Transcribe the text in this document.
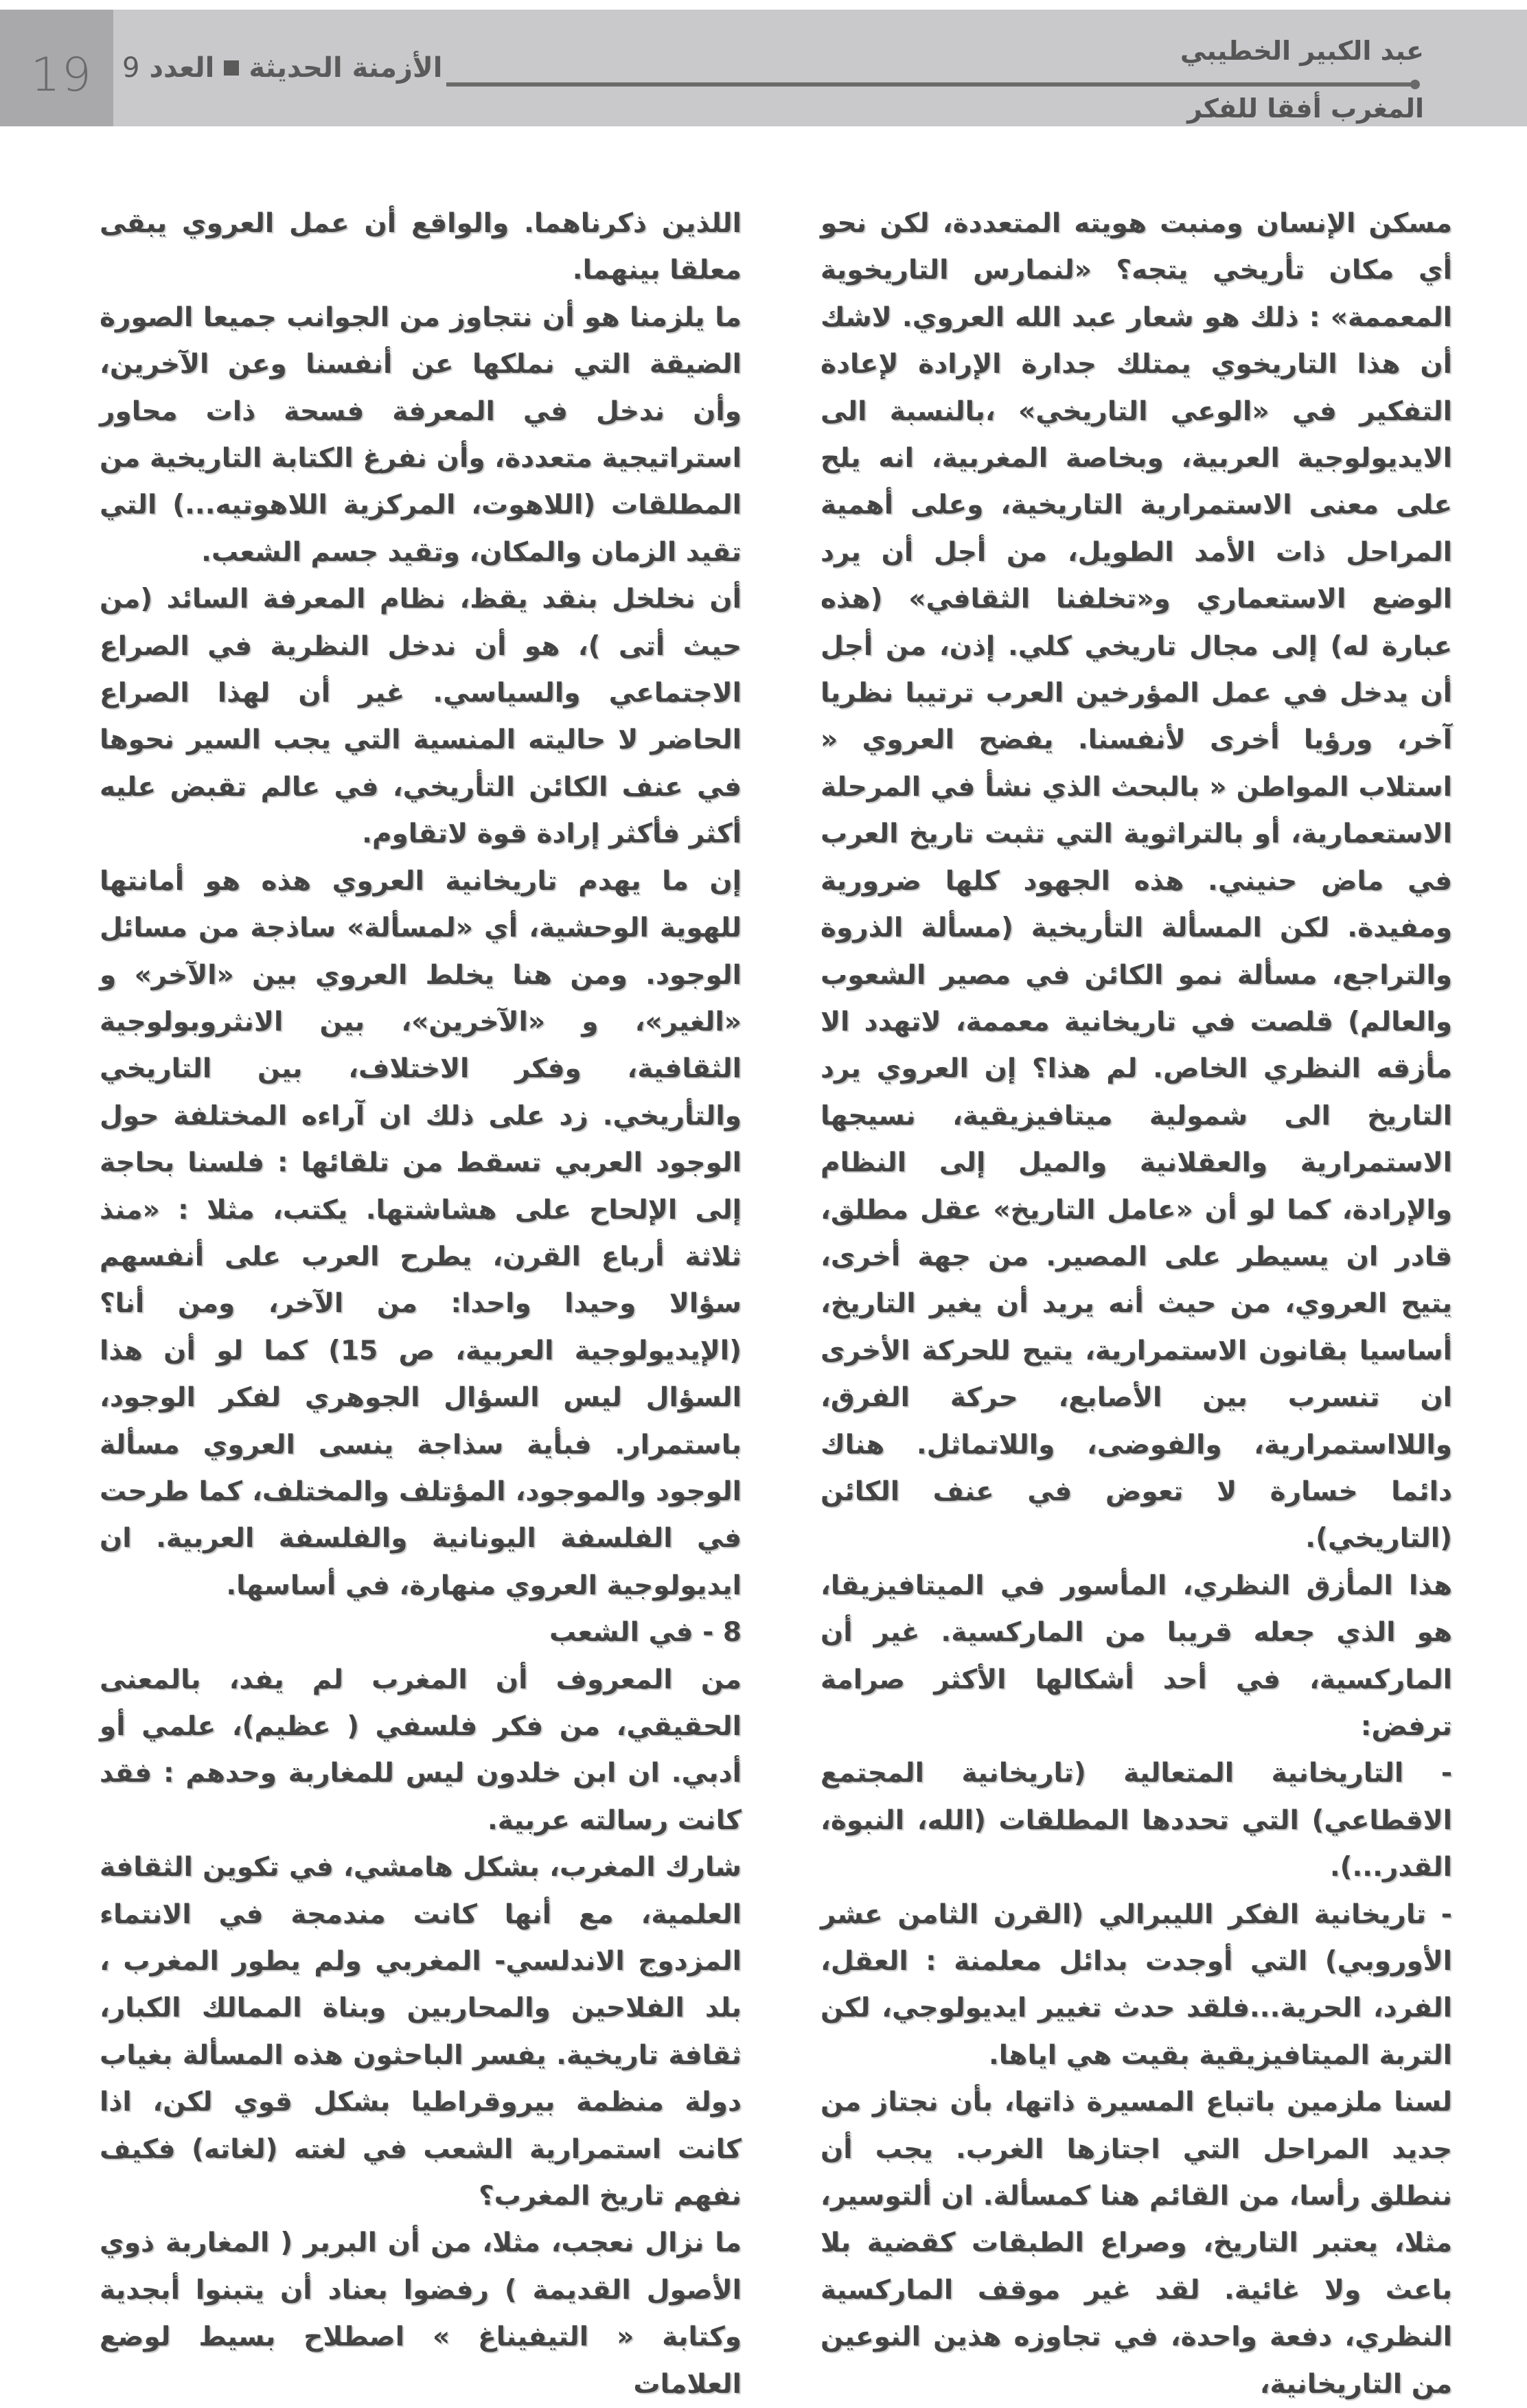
19	الأزمنة الحديثة
العدد
9
عبد الكبير الخطيبي
المغرب أفقا للفكر

مسكن الإنسان ومنبت هويته المتعددة، لكن نحو أي مكان تأريخي يتجه؟ «لنمارس التاريخوية المعممة» : ذلك هو شعار عبد الله العروي. لاشك أن هذا التاريخوي يمتلك جدارة الإرادة لإعادة التفكير في «الوعي التاريخي» ،بالنسبة الى الايديولوجية العربية، وبخاصة المغربية، انه يلح على معنى الاستمرارية التاريخية، وعلى أهمية المراحل ذات الأمد الطويل، من أجل أن يرد الوضع الاستعماري و«تخلفنا الثقافي» (هذه عبارة له) إلى مجال تاريخي كلي. إذن، من أجل أن يدخل في عمل المؤرخين العرب ترتيبا نظريا آخر، ورؤيا أخرى لأنفسنا. يفضح العروي « استلاب المواطن « بالبحث الذي نشأ في المرحلة الاستعمارية، أو بالتراثوية التي تثبت تاريخ العرب في ماض حنيني. هذه الجهود كلها ضرورية ومفيدة. لكن المسألة التأريخية (مسألة الذروة والتراجع، مسألة نمو الكائن في مصير الشعوب والعالم) قلصت في تاريخانية معممة، لاتهدد الا مأزقه النظري الخاص. لم هذا؟ إن العروي يرد التاريخ الى شمولية ميتافيزيقية، نسيجها الاستمرارية والعقلانية والميل إلى النظام والإرادة، كما لو أن «عامل التاريخ» عقل مطلق، قادر ان يسيطر على المصير. من جهة أخرى، يتيح العروي، من حيث أنه يريد أن يغير التاريخ، أساسيا بقانون الاستمرارية، يتيح للحركة الأخرى ان تنسرب بين الأصابع، حركة الفرق، واللااستمرارية، والفوضى، واللاتماثل. هناك دائما خسارة لا تعوض في عنف الكائن (التاريخي).

هذا المأزق النظري، المأسور في الميتافيزيقا، هو الذي جعله قريبا من الماركسية. غير أن الماركسية، في أحد أشكالها الأكثر صرامة ترفض:

- التاريخانية المتعالية (تاريخانية المجتمع الاقطاعي) التي تحددها المطلقات (الله، النبوة، القدر...).

- تاريخانية الفكر الليبرالي (القرن الثامن عشر الأوروبي) التي أوجدت بدائل معلمنة : العقل، الفرد، الحرية...فلقد حدث تغيير ايديولوجي، لكن التربة الميتافيزيقية بقيت هي اياها.

لسنا ملزمين باتباع المسيرة ذاتها، بأن نجتاز من جديد المراحل التي اجتازها الغرب. يجب أن ننطلق رأسا، من القائم هنا كمسألة. ان ألتوسير، مثلا، يعتبر التاريخ، وصراع الطبقات كقضية بلا باعث ولا غائية. لقد غير موقف الماركسية النظري، دفعة واحدة، في تجاوزه هذين النوعين من التاريخانية،

اللذين ذكرناهما. والواقع أن عمل العروي يبقى معلقا بينهما.

ما يلزمنا هو أن نتجاوز من الجوانب جميعا الصورة الضيقة التي نملكها عن أنفسنا وعن الآخرين، وأن ندخل في المعرفة فسحة ذات محاور استراتيجية متعددة، وأن نفرغ الكتابة التاريخية من المطلقات (اللاهوت، المركزية اللاهوتيه...) التي تقيد الزمان والمكان، وتقيد جسم الشعب.

أن نخلخل بنقد يقظ، نظام المعرفة السائد (من حيث أتى )، هو أن ندخل النظرية في الصراع الاجتماعي والسياسي. غير أن لهذا الصراع الحاضر لا حاليته المنسية التي يجب السير نحوها في عنف الكائن التأريخي، في عالم تقبض عليه أكثر فأكثر إرادة قوة لاتقاوم.

إن ما يهدم تاريخانية العروي هذه هو أمانتها للهوية الوحشية، أي «لمسألة» ساذجة من مسائل الوجود. ومن هنا يخلط العروي بين «الآخر» و «الغير»، و «الآخرين»، بين الانثروبولوجية الثقافية، وفكر الاختلاف، بين التاريخي والتأريخي. زد على ذلك ان آراءه المختلفة حول الوجود العربي تسقط من تلقائها : فلسنا بحاجة إلى الإلحاح على هشاشتها. يكتب، مثلا : «منذ ثلاثة أرباع القرن، يطرح العرب على أنفسهم سؤالا وحيدا واحدا: من الآخر، ومن أنا؟ (الإيديولوجية العربية، ص 15) كما لو أن هذا السؤال ليس السؤال الجوهري لفكر الوجود، باستمرار. فبأية سذاجة ينسى العروي مسألة الوجود والموجود، المؤتلف والمختلف، كما طرحت في الفلسفة اليونانية والفلسفة العربية. ان ايديولوجية العروي منهارة، في أساسها.

8 - في الشعب

من المعروف أن المغرب لم يفد، بالمعنى الحقيقي، من فكر فلسفي ( عظيم)، علمي أو أدبي. ان ابن خلدون ليس للمغاربة وحدهم : فقد كانت رسالته عربية.

شارك المغرب، بشكل هامشي، في تكوين الثقافة العلمية، مع أنها كانت مندمجة في الانتماء المزدوج الاندلسي- المغربي ولم يطور المغرب ، بلد الفلاحين والمحاربين وبناة الممالك الكبار، ثقافة تاريخية. يفسر الباحثون هذه المسألة بغياب دولة منظمة بيروقراطيا بشكل قوي لكن، اذا كانت استمرارية الشعب في لغته (لغاته) فكيف نفهم تاريخ المغرب؟

ما نزال نعجب، مثلا، من أن البربر ( المغاربة ذوي الأصول القديمة ) رفضوا بعناد أن يتبنوا أبجدية وكتابة « التيفيناغ » اصطلاح بسيط لوضع العلامات
